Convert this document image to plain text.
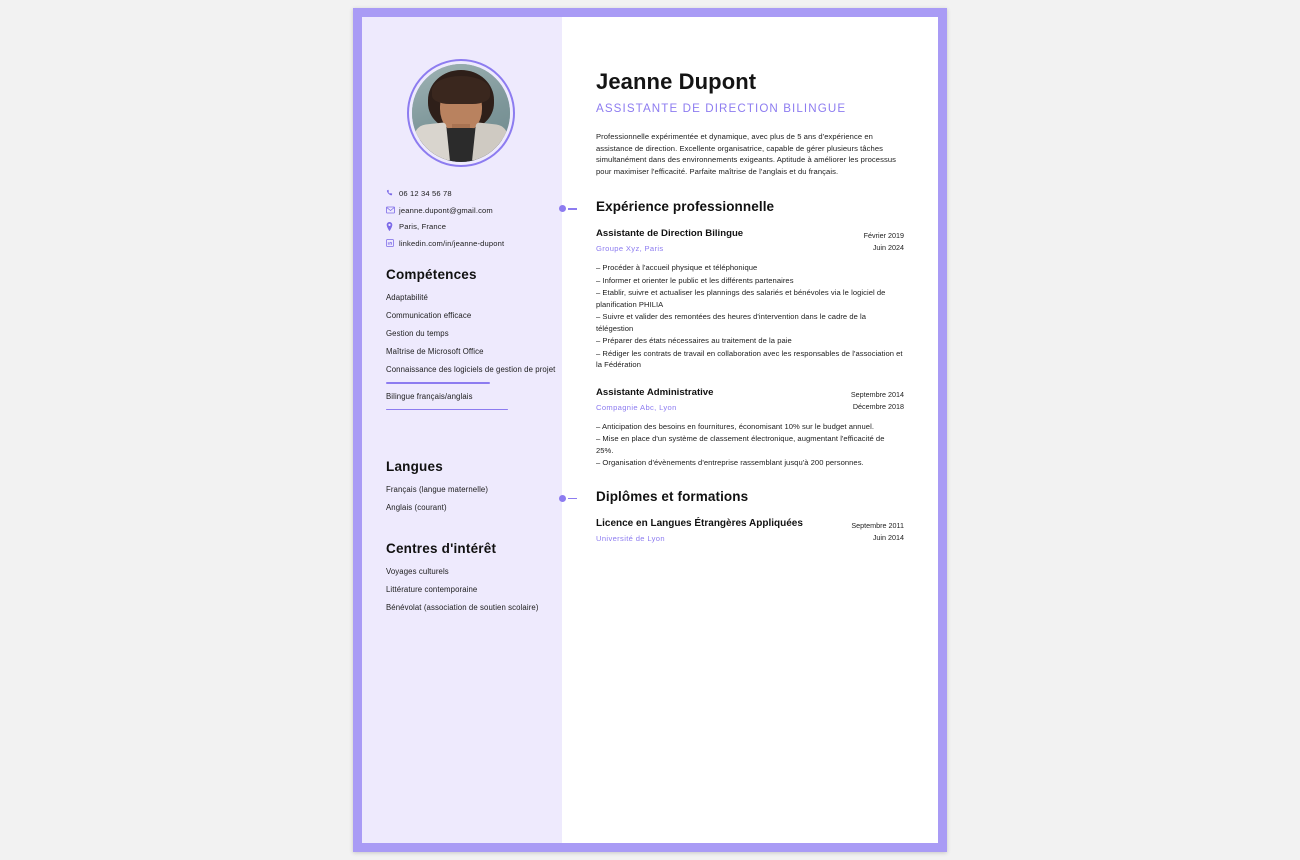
06 12 34 56 78
jeanne.dupont@gmail.com
Paris, France
linkedin.com/in/jeanne-dupont
Compétences
Adaptabilité
Communication efficace
Gestion du temps
Maîtrise de Microsoft Office
Connaissance des logiciels de gestion de projet
Bilingue français/anglais
Langues
Français (langue maternelle)
Anglais (courant)
Centres d'intérêt
Voyages culturels
Littérature contemporaine
Bénévolat (association de soutien scolaire)
Jeanne Dupont
ASSISTANTE DE DIRECTION BILINGUE

Professionnelle expérimentée et dynamique, avec plus de 5 ans d'expérience en assistance de direction. Excellente organisatrice, capable de gérer plusieurs tâches simultanément dans des environnements exigeants. Aptitude à améliorer les processus pour maximiser l'efficacité. Parfaite maîtrise de l'anglais et du français.

Expérience professionnelle
Assistante de Direction Bilingue
Groupe Xyz, Paris
Février 2019
Juin 2024
– Procéder à l'accueil physique et téléphonique
– Informer et orienter le public et les différents partenaires
– Etablir, suivre et actualiser les plannings des salariés et bénévoles via le logiciel de planification PHILIA
– Suivre et valider des remontées des heures d'intervention dans le cadre de la télégestion
– Préparer des états nécessaires au traitement de la paie
– Rédiger les contrats de travail en collaboration avec les responsables de l'association et la Fédération
Assistante Administrative
Compagnie Abc, Lyon
Septembre 2014
Décembre 2018
– Anticipation des besoins en fournitures, économisant 10% sur le budget annuel.
– Mise en place d'un système de classement électronique, augmentant l'efficacité de 25%.
– Organisation d'évènements d'entreprise rassemblant jusqu'à 200 personnes.
Diplômes et formations
Licence en Langues Étrangères Appliquées
Université de Lyon
Septembre 2011
Juin 2014
